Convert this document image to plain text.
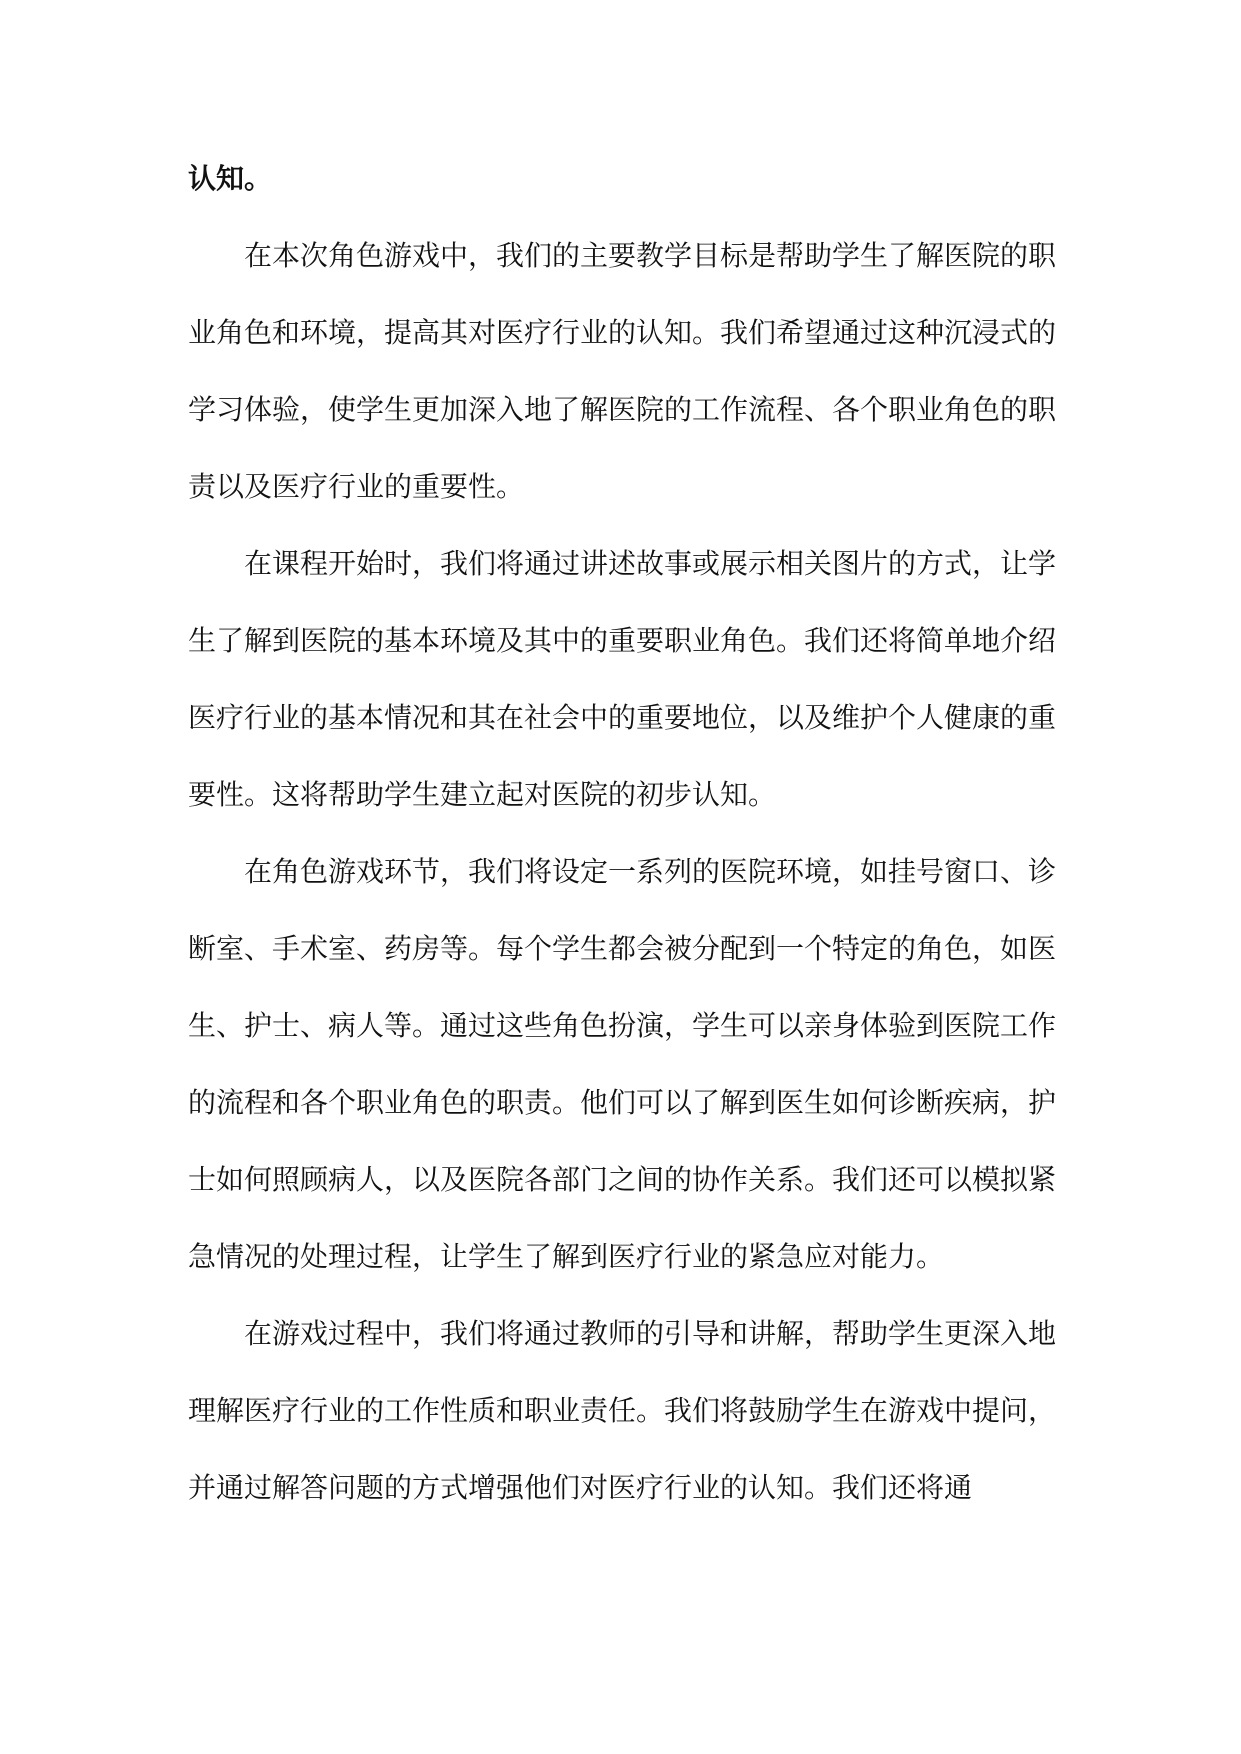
认知。

在本次角色游戏中，我们的主要教学目标是帮助学生了解医院的职业角色和环境，提高其对医疗行业的认知。我们希望通过这种沉浸式的学习体验，使学生更加深入地了解医院的工作流程、各个职业角色的职责以及医疗行业的重要性。

在课程开始时，我们将通过讲述故事或展示相关图片的方式，让学生了解到医院的基本环境及其中的重要职业角色。我们还将简单地介绍医疗行业的基本情况和其在社会中的重要地位，以及维护个人健康的重要性。这将帮助学生建立起对医院的初步认知。

在角色游戏环节，我们将设定一系列的医院环境，如挂号窗口、诊断室、手术室、药房等。每个学生都会被分配到一个特定的角色，如医生、护士、病人等。通过这些角色扮演，学生可以亲身体验到医院工作的流程和各个职业角色的职责。他们可以了解到医生如何诊断疾病，护士如何照顾病人，以及医院各部门之间的协作关系。我们还可以模拟紧急情况的处理过程，让学生了解到医疗行业的紧急应对能力。

在游戏过程中，我们将通过教师的引导和讲解，帮助学生更深入地理解医疗行业的工作性质和职业责任。我们将鼓励学生在游戏中提问，并通过解答问题的方式增强他们对医疗行业的认知。我们还将通
